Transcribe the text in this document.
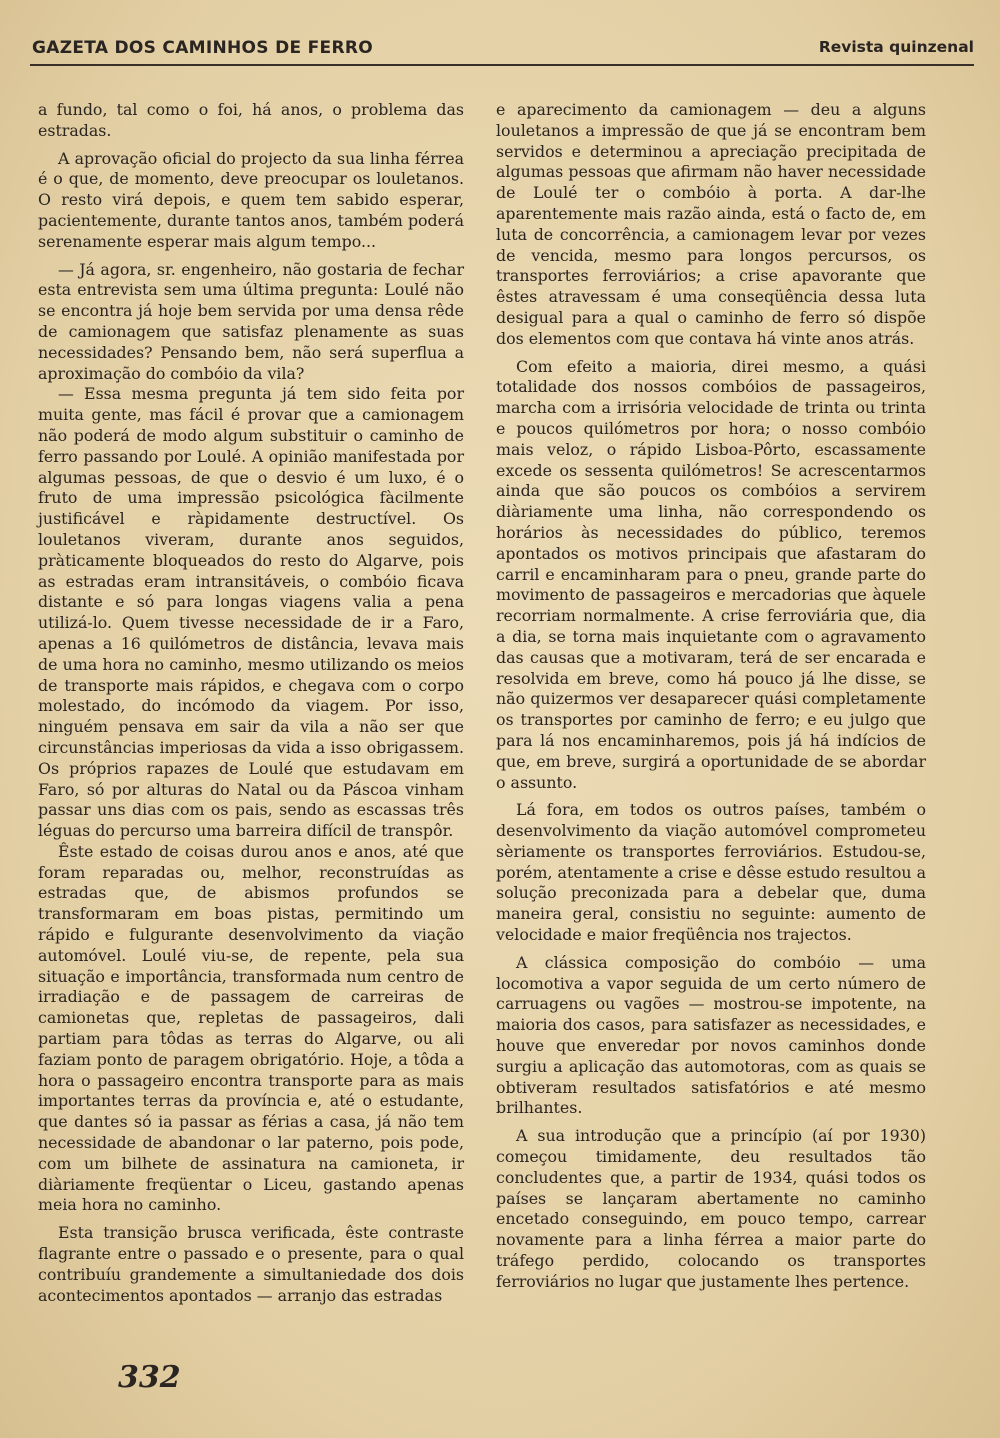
GAZETA DOS CAMINHOS DE FERRO	Revista quinzenal

a fundo, tal como o foi, há anos, o problema das estradas.

A aprovação oficial do projecto da sua linha férrea é o que, de momento, deve preocupar os louletanos. O resto virá depois, e quem tem sabido esperar, pacientemente, durante tantos anos, também poderá serenamente esperar mais algum tempo...

— Já agora, sr. engenheiro, não gostaria de fechar esta entrevista sem uma última pregunta: Loulé não se encontra já hoje bem servida por uma densa rêde de camionagem que satisfaz plenamente as suas necessidades? Pensando bem, não será superflua a aproximação do combóio da vila?

— Essa mesma pregunta já tem sido feita por muita gente, mas fácil é provar que a camionagem não poderá de modo algum substituir o caminho de ferro passando por Loulé. A opinião manifestada por algumas pessoas, de que o desvio é um luxo, é o fruto de uma impressão psicológica fàcilmente justificável e ràpidamente destructível. Os louletanos viveram, durante anos seguidos, pràticamente bloqueados do resto do Algarve, pois as estradas eram intransitáveis, o combóio ficava distante e só para longas viagens valia a pena utilizá-lo. Quem tivesse necessidade de ir a Faro, apenas a 16 quilómetros de distância, levava mais de uma hora no caminho, mesmo utilizando os meios de transporte mais rápidos, e chegava com o corpo molestado, do incómodo da viagem. Por isso, ninguém pensava em sair da vila a não ser que circunstâncias imperiosas da vida a isso obrigassem. Os próprios rapazes de Loulé que estudavam em Faro, só por alturas do Natal ou da Páscoa vinham passar uns dias com os pais, sendo as escassas três léguas do percurso uma barreira difícil de transpôr.

Êste estado de coisas durou anos e anos, até que foram reparadas ou, melhor, reconstruídas as estradas que, de abismos profundos se transformaram em boas pistas, permitindo um rápido e fulgurante desenvolvimento da viação automóvel. Loulé viu-se, de repente, pela sua situação e importância, transformada num centro de irradiação e de passagem de carreiras de camionetas que, repletas de passageiros, dali partiam para tôdas as terras do Algarve, ou ali faziam ponto de paragem obrigatório. Hoje, a tôda a hora o passageiro encontra transporte para as mais importantes terras da província e, até o estudante, que dantes só ia passar as férias a casa, já não tem necessidade de abandonar o lar paterno, pois pode, com um bilhete de assinatura na camioneta, ir diàriamente freqüentar o Liceu, gastando apenas meia hora no caminho.

Esta transição brusca verificada, êste contraste flagrante entre o passado e o presente, para o qual contribuíu grandemente a simultaniedade dos dois acontecimentos apontados — arranjo das estradas

e aparecimento da camionagem — deu a alguns louletanos a impressão de que já se encontram bem servidos e determinou a apreciação precipitada de algumas pessoas que afirmam não haver necessidade de Loulé ter o combóio à porta. A dar-lhe aparentemente mais razão ainda, está o facto de, em luta de concorrência, a camionagem levar por vezes de vencida, mesmo para longos percursos, os transportes ferroviários; a crise apavorante que êstes atravessam é uma conseqüência dessa luta desigual para a qual o caminho de ferro só dispõe dos elementos com que contava há vinte anos atrás.

Com efeito a maioria, direi mesmo, a quási totalidade dos nossos combóios de passageiros, marcha com a irrisória velocidade de trinta ou trinta e poucos quilómetros por hora; o nosso combóio mais veloz, o rápido Lisboa-Pôrto, escassamente excede os sessenta quilómetros! Se acrescentarmos ainda que são poucos os combóios a servirem diàriamente uma linha, não correspondendo os horários às necessidades do público, teremos apontados os motivos principais que afastaram do carril e encaminharam para o pneu, grande parte do movimento de passageiros e mercadorias que àquele recorriam normalmente. A crise ferroviária que, dia a dia, se torna mais inquietante com o agravamento das causas que a motivaram, terá de ser encarada e resolvida em breve, como há pouco já lhe disse, se não quizermos ver desaparecer quási completamente os transportes por caminho de ferro; e eu julgo que para lá nos encaminharemos, pois já há indícios de que, em breve, surgirá a oportunidade de se abordar o assunto.

Lá fora, em todos os outros países, também o desenvolvimento da viação automóvel comprometeu sèriamente os transportes ferroviários. Estudou-se, porém, atentamente a crise e dêsse estudo resultou a solução preconizada para a debelar que, duma maneira geral, consistiu no seguinte: aumento de velocidade e maior freqüência nos trajectos.

A clássica composição do combóio — uma locomotiva a vapor seguida de um certo número de carruagens ou vagões — mostrou-se impotente, na maioria dos casos, para satisfazer as necessidades, e houve que enveredar por novos caminhos donde surgiu a aplicação das automotoras, com as quais se obtiveram resultados satisfatórios e até mesmo brilhantes.

A sua introdução que a princípio (aí por 1930) começou timidamente, deu resultados tão concludentes que, a partir de 1934, quási todos os países se lançaram abertamente no caminho encetado conseguindo, em pouco tempo, carrear novamente para a linha férrea a maior parte do tráfego perdido, colocando os transportes ferroviários no lugar que justamente lhes pertence.

332
